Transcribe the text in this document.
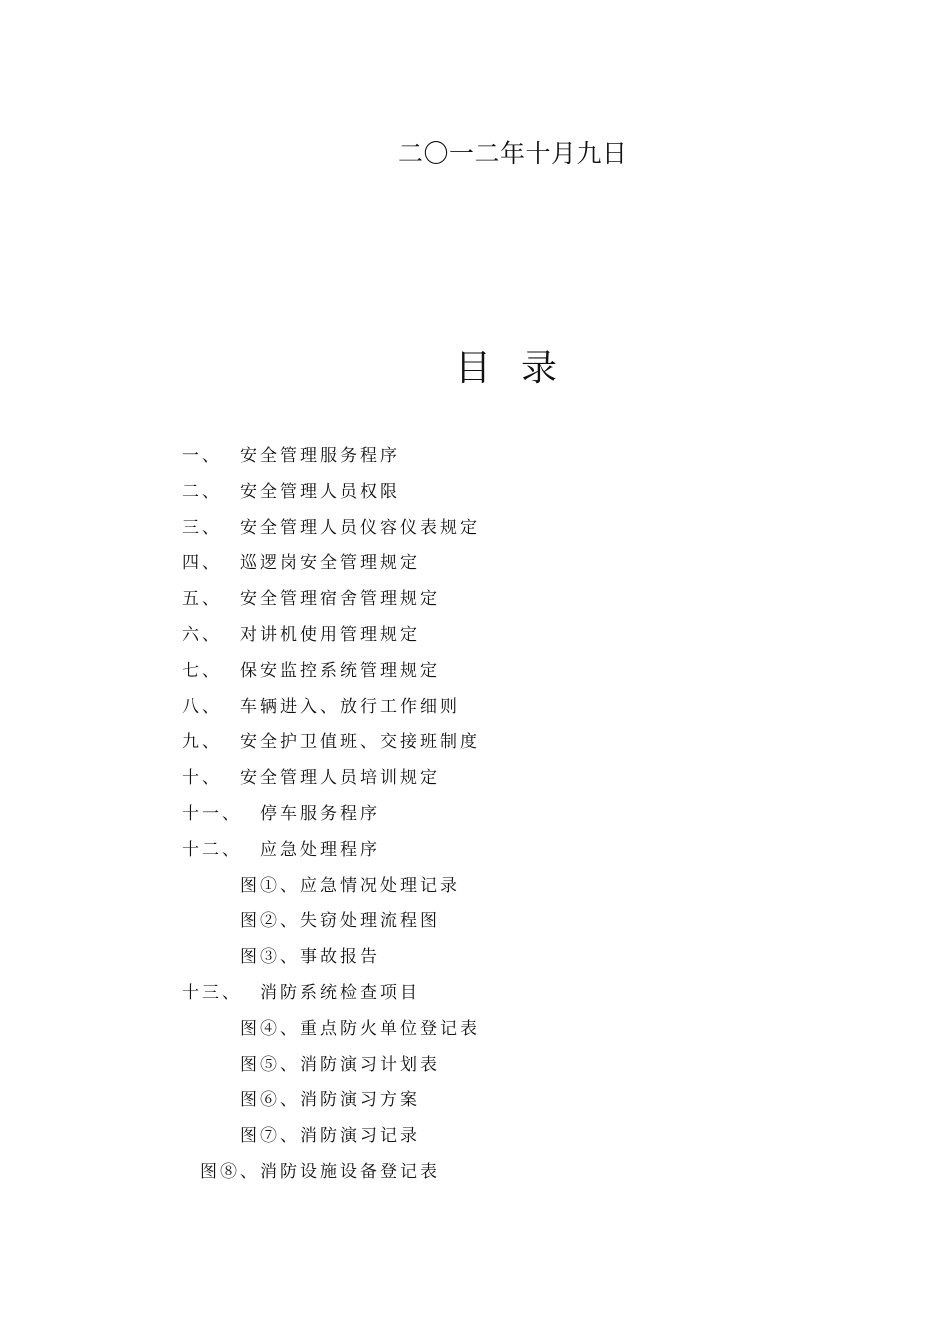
二〇一二年十月九日
目 录
一、 安全管理服务程序
二、 安全管理人员权限
三、 安全管理人员仪容仪表规定
四、 巡逻岗安全管理规定
五、 安全管理宿舍管理规定
六、 对讲机使用管理规定
七、 保安监控系统管理规定
八、 车辆进入、放行工作细则
九、 安全护卫值班、交接班制度
十、 安全管理人员培训规定
十一、 停车服务程序
十二、 应急处理程序
图①、应急情况处理记录
图②、失窃处理流程图
图③、事故报告
十三、 消防系统检查项目
图④、重点防火单位登记表
图⑤、消防演习计划表
图⑥、消防演习方案
图⑦、消防演习记录
图⑧、消防设施设备登记表
